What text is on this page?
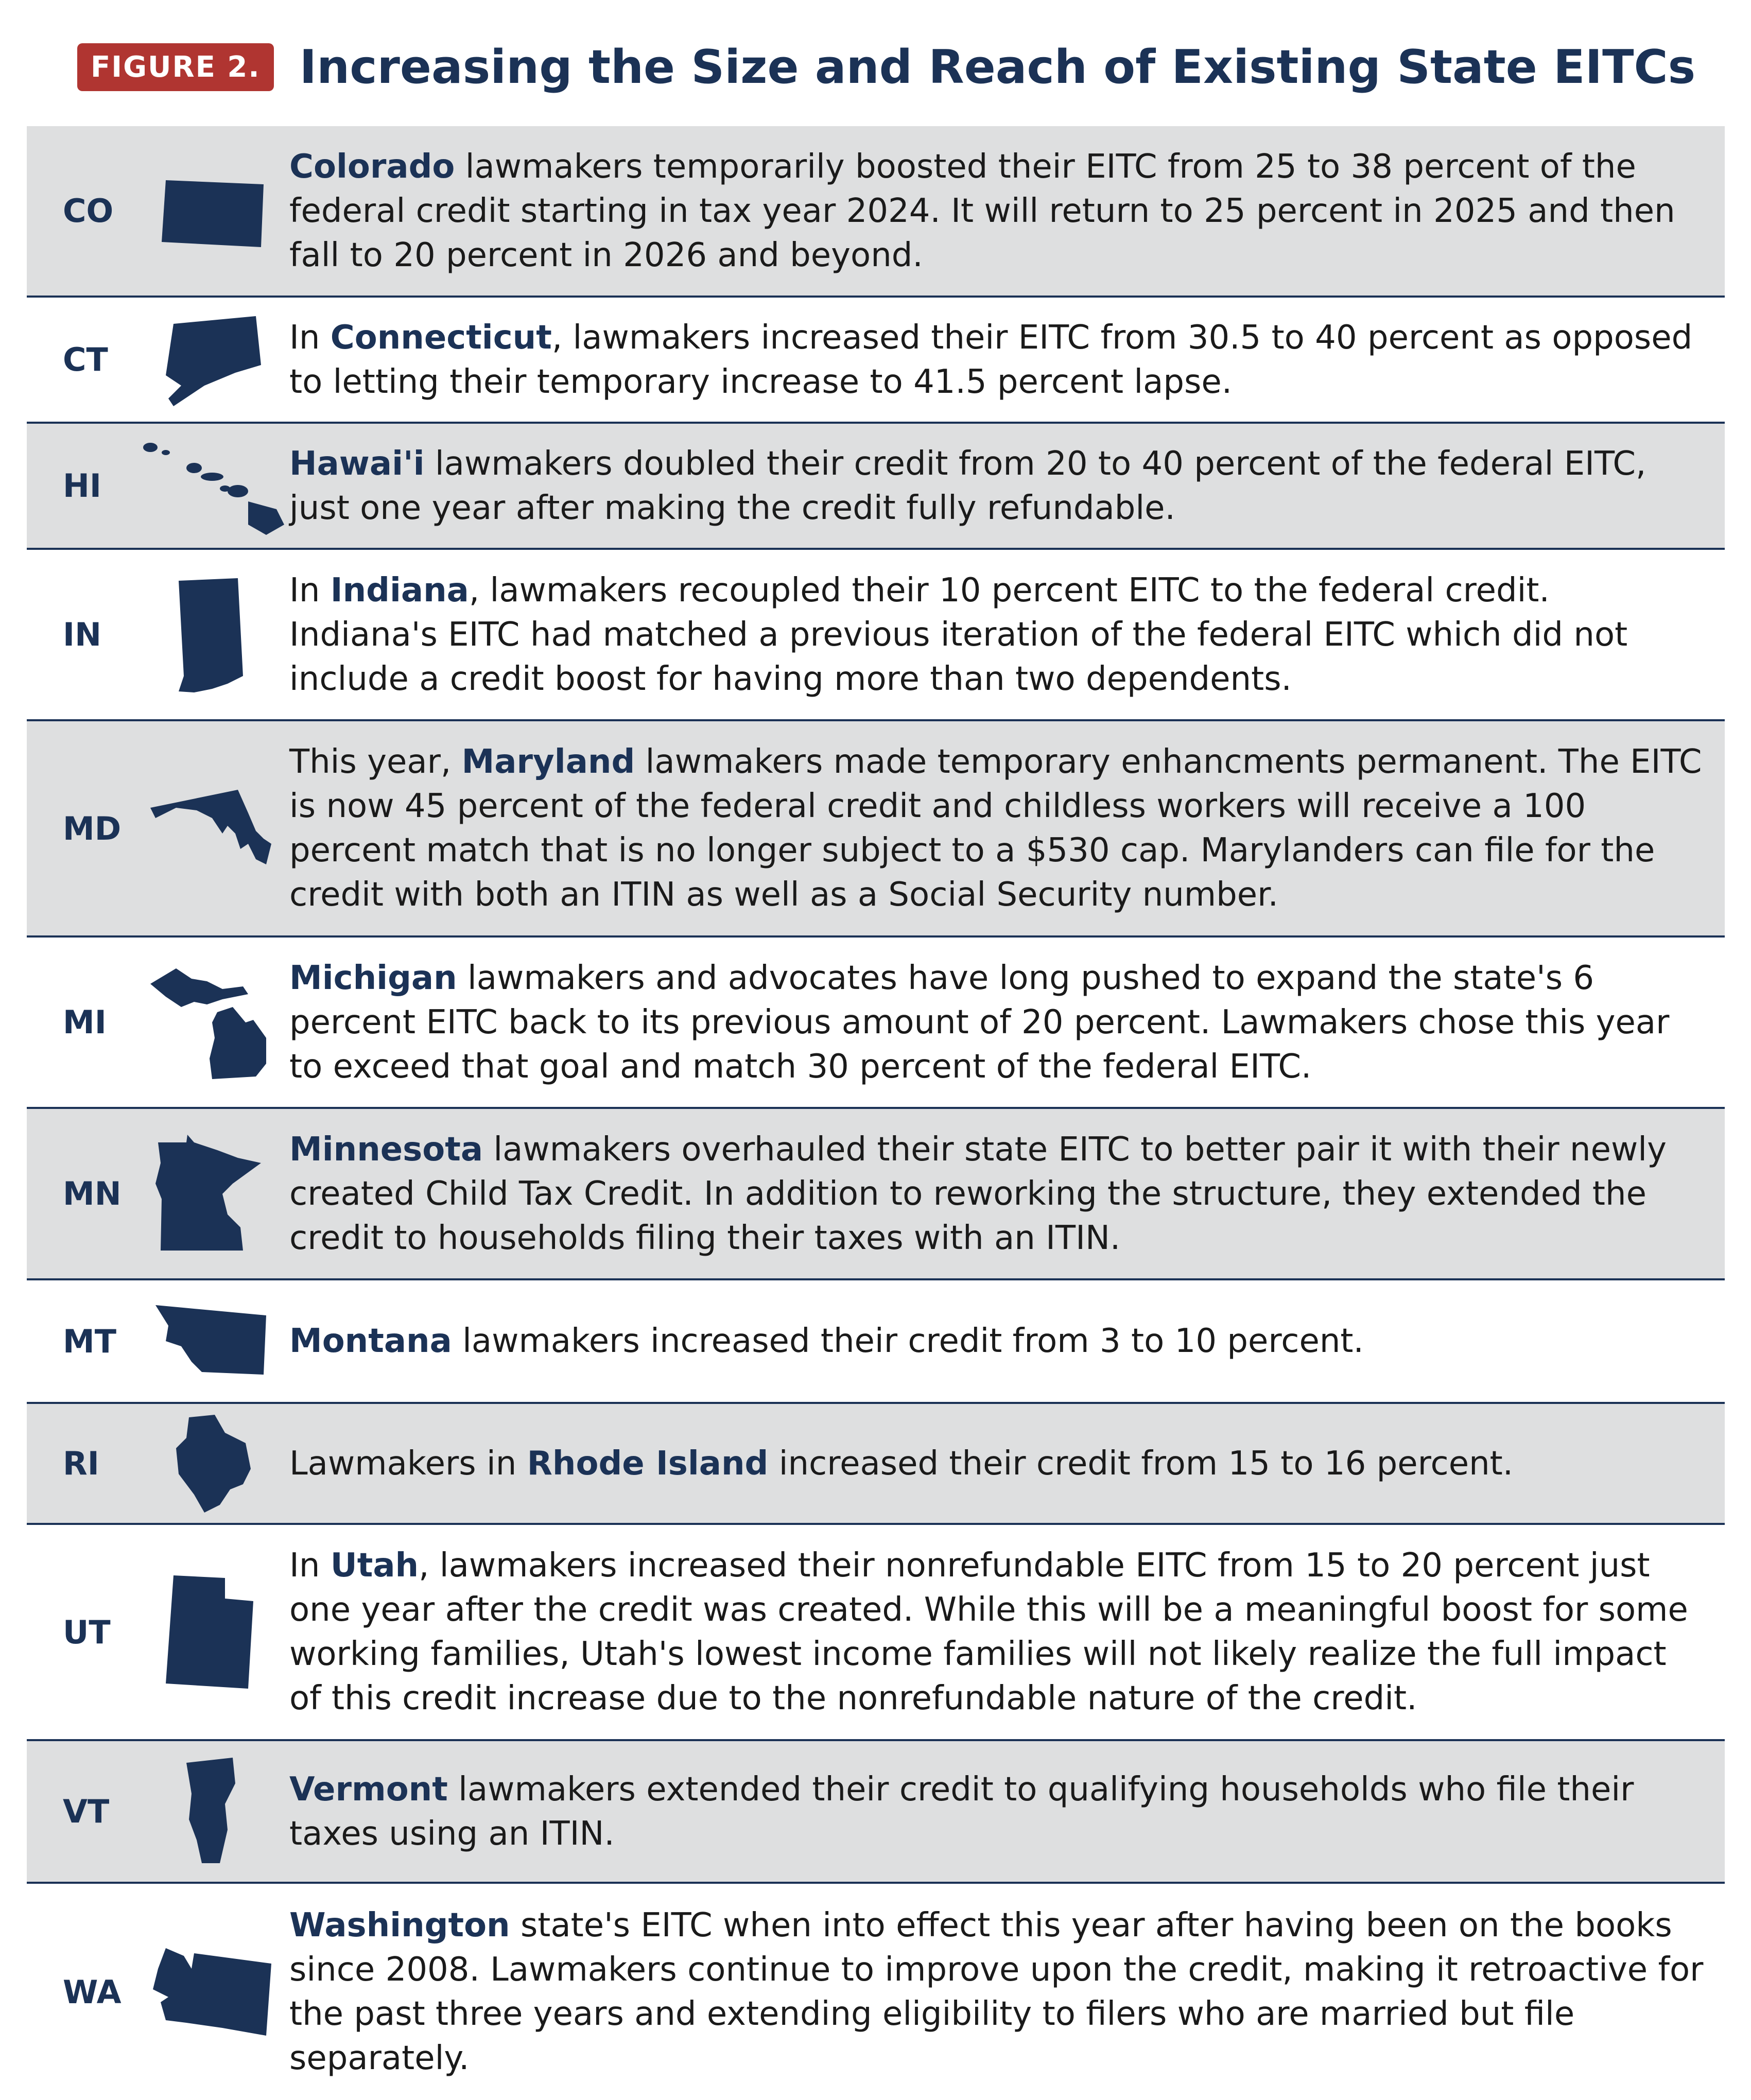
FIGURE 2. Increasing the Size and Reach of Existing State EITCs
CO
Colorado lawmakers temporarily boosted their EITC from 25 to 38 percent of the federal credit starting in tax year 2024. It will return to 25 percent in 2025 and then fall to 20 percent in 2026 and beyond.
CT
In Connecticut, lawmakers increased their EITC from 30.5 to 40 percent as opposed to letting their temporary increase to 41.5 percent lapse.
HI
Hawai'i lawmakers doubled their credit from 20 to 40 percent of the federal EITC, just one year after making the credit fully refundable.
IN
In Indiana, lawmakers recoupled their 10 percent EITC to the federal credit. Indiana's EITC had matched a previous iteration of the federal EITC which did not include a credit boost for having more than two dependents.
MD
This year, Maryland lawmakers made temporary enhancments permanent. The EITC is now 45 percent of the federal credit and childless workers will receive a 100 percent match that is no longer subject to a $530 cap. Marylanders can file for the credit with both an ITIN as well as a Social Security number.
MI
Michigan lawmakers and advocates have long pushed to expand the state's 6 percent EITC back to its previous amount of 20 percent. Lawmakers chose this year to exceed that goal and match 30 percent of the federal EITC.
MN
Minnesota lawmakers overhauled their state EITC to better pair it with their newly created Child Tax Credit. In addition to reworking the structure, they extended the credit to households filing their taxes with an ITIN.
MT	Montana lawmakers increased their credit from 3 to 10 percent.
RI	Lawmakers in Rhode Island increased their credit from 15 to 16 percent.
UT
In Utah, lawmakers increased their nonrefundable EITC from 15 to 20 percent just one year after the credit was created. While this will be a meaningful boost for some working families, Utah's lowest income families will not likely realize the full impact of this credit increase due to the nonrefundable nature of the credit.
VT
Vermont lawmakers extended their credit to qualifying households who file their taxes using an ITIN.
WA
Washington state's EITC when into effect this year after having been on the books since 2008. Lawmakers continue to improve upon the credit, making it retroactive for the past three years and extending eligibility to filers who are married but file separately.
